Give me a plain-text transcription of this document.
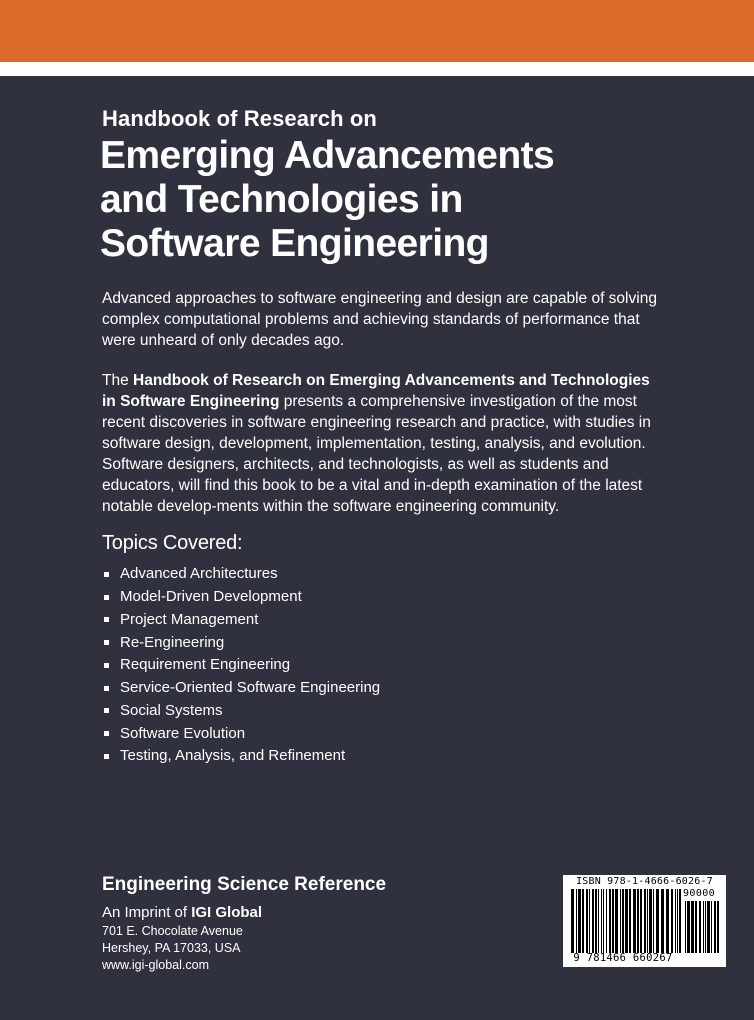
Handbook of Research on
Emerging Advancements
and Technologies in
Software Engineering

Advanced approaches to software engineering and design are capable of solving complex computational problems and achieving standards of performance that were unheard of only decades ago.

The Handbook of Research on Emerging Advancements and Technologies in Software Engineering presents a comprehensive investigation of the most recent discoveries in software engineering research and practice, with studies in software design, development, implementation, testing, analysis, and evolution. Software designers, architects, and technologists, as well as students and educators, will find this book to be a vital and in-depth examination of the latest notable develop-ments within the software engineering community.

Topics Covered:
Advanced Architectures
Model-Driven Development
Project Management
Re-Engineering
Requirement Engineering
Service-Oriented Software Engineering
Social Systems
Software Evolution
Testing, Analysis, and Refinement
Engineering Science Reference
An Imprint of IGI Global
701 E. Chocolate Avenue
Hershey, PA 17033, USA
www.igi-global.com
ISBN 978-1-4666-6026-7
90000
9 781466 660267
